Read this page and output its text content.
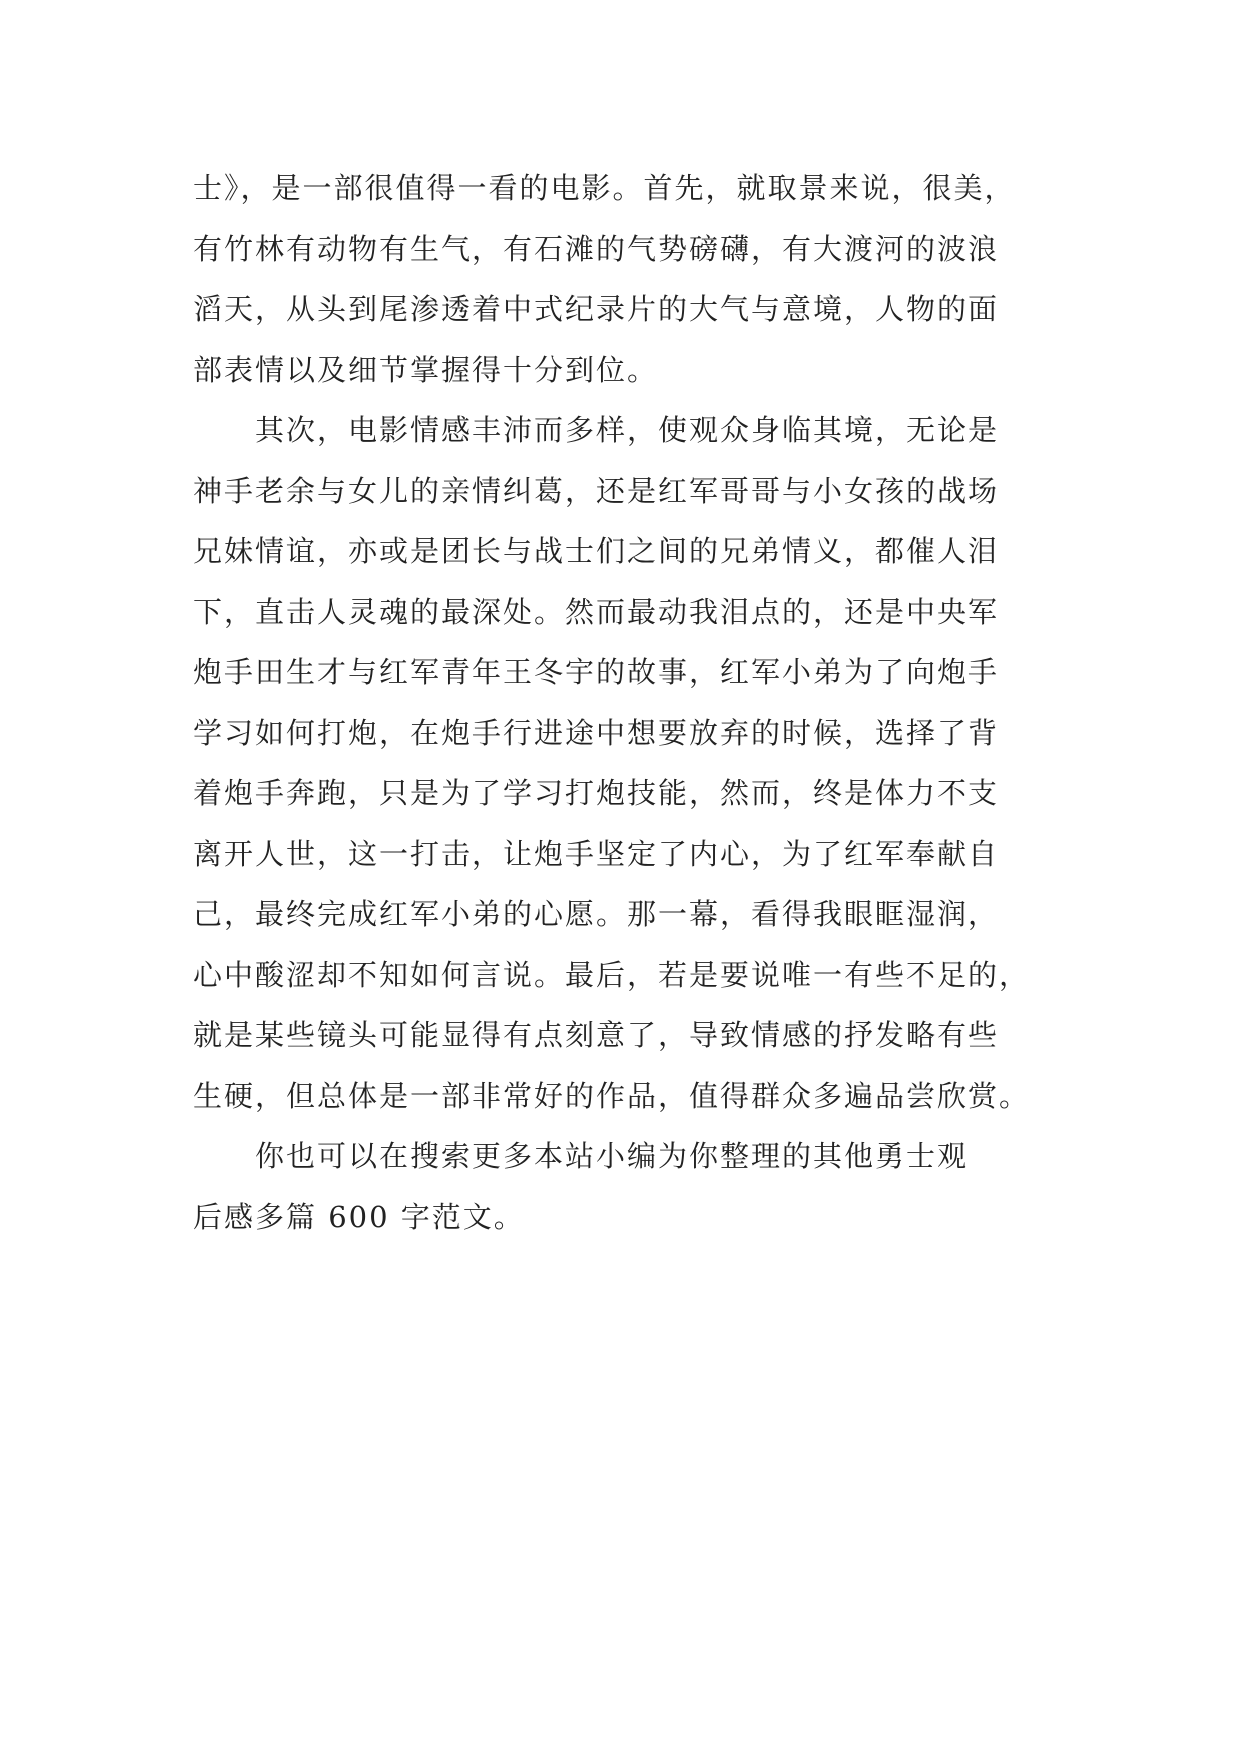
士》，是一部很值得一看的电影。首先，就取景来说，很美，
有竹林有动物有生气，有石滩的气势磅礴，有大渡河的波浪
滔天，从头到尾渗透着中式纪录片的大气与意境，人物的面
部表情以及细节掌握得十分到位。
其次，电影情感丰沛而多样，使观众身临其境，无论是
神手老余与女儿的亲情纠葛，还是红军哥哥与小女孩的战场
兄妹情谊，亦或是团长与战士们之间的兄弟情义，都催人泪
下，直击人灵魂的最深处。然而最动我泪点的，还是中央军
炮手田生才与红军青年王冬宇的故事，红军小弟为了向炮手
学习如何打炮，在炮手行进途中想要放弃的时候，选择了背
着炮手奔跑，只是为了学习打炮技能，然而，终是体力不支
离开人世，这一打击，让炮手坚定了内心，为了红军奉献自
己，最终完成红军小弟的心愿。那一幕，看得我眼眶湿润，
心中酸涩却不知如何言说。最后，若是要说唯一有些不足的，
就是某些镜头可能显得有点刻意了，导致情感的抒发略有些
生硬，但总体是一部非常好的作品，值得群众多遍品尝欣赏。
你也可以在搜索更多本站小编为你整理的其他勇士观
后感多篇 600 字范文。
